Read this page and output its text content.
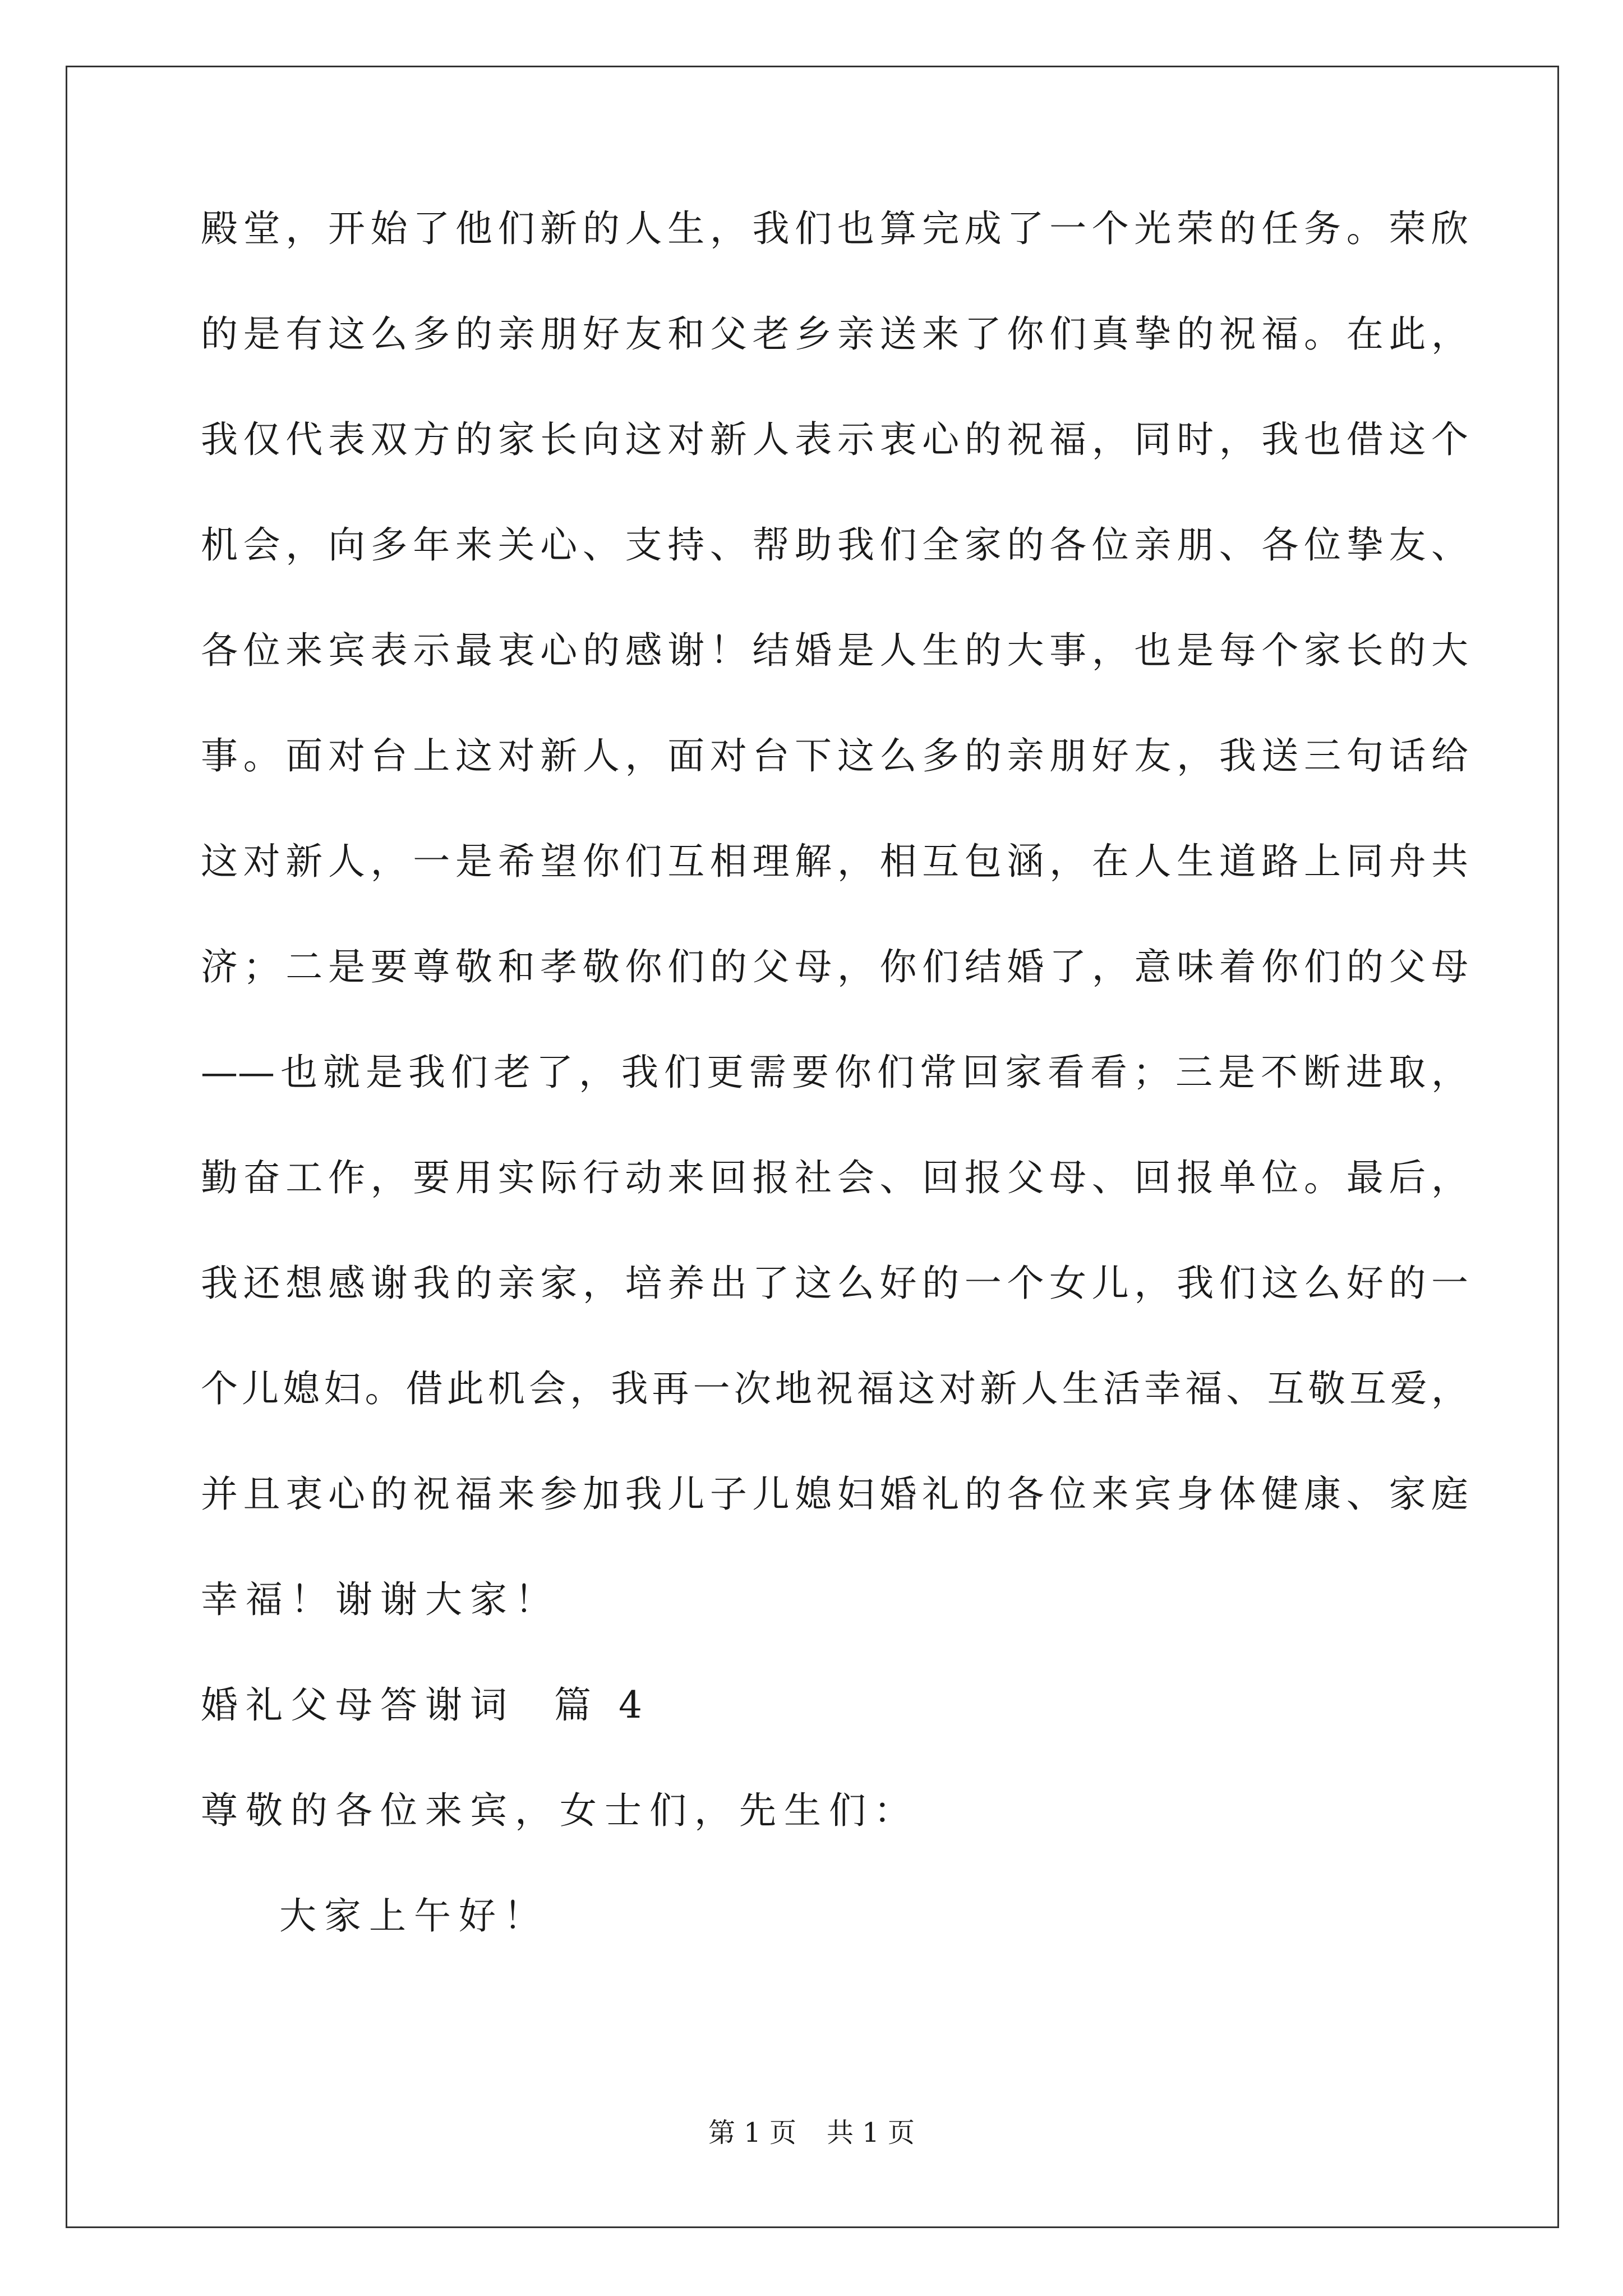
殿堂，开始了他们新的人生，我们也算完成了一个光荣的任务。荣欣
的是有这么多的亲朋好友和父老乡亲送来了你们真挚的祝福。在此，
我仅代表双方的家长向这对新人表示衷心的祝福，同时，我也借这个
机会，向多年来关心、支持、帮助我们全家的各位亲朋、各位挚友、
各位来宾表示最衷心的感谢！结婚是人生的大事，也是每个家长的大
事。面对台上这对新人，面对台下这么多的亲朋好友，我送三句话给
这对新人，一是希望你们互相理解，相互包涵，在人生道路上同舟共
济；二是要尊敬和孝敬你们的父母，你们结婚了，意味着你们的父母
——也就是我们老了，我们更需要你们常回家看看；三是不断进取，
勤奋工作，要用实际行动来回报社会、回报父母、回报单位。最后，
我还想感谢我的亲家，培养出了这么好的一个女儿，我们这么好的一
个儿媳妇。借此机会，我再一次地祝福这对新人生活幸福、互敬互爱，
并且衷心的祝福来参加我儿子儿媳妇婚礼的各位来宾身体健康、家庭
幸福！谢谢大家！
婚礼父母答谢词  篇 4
尊敬的各位来宾，女士们，先生们：
大家上午好！
第 1 页 共 1 页
